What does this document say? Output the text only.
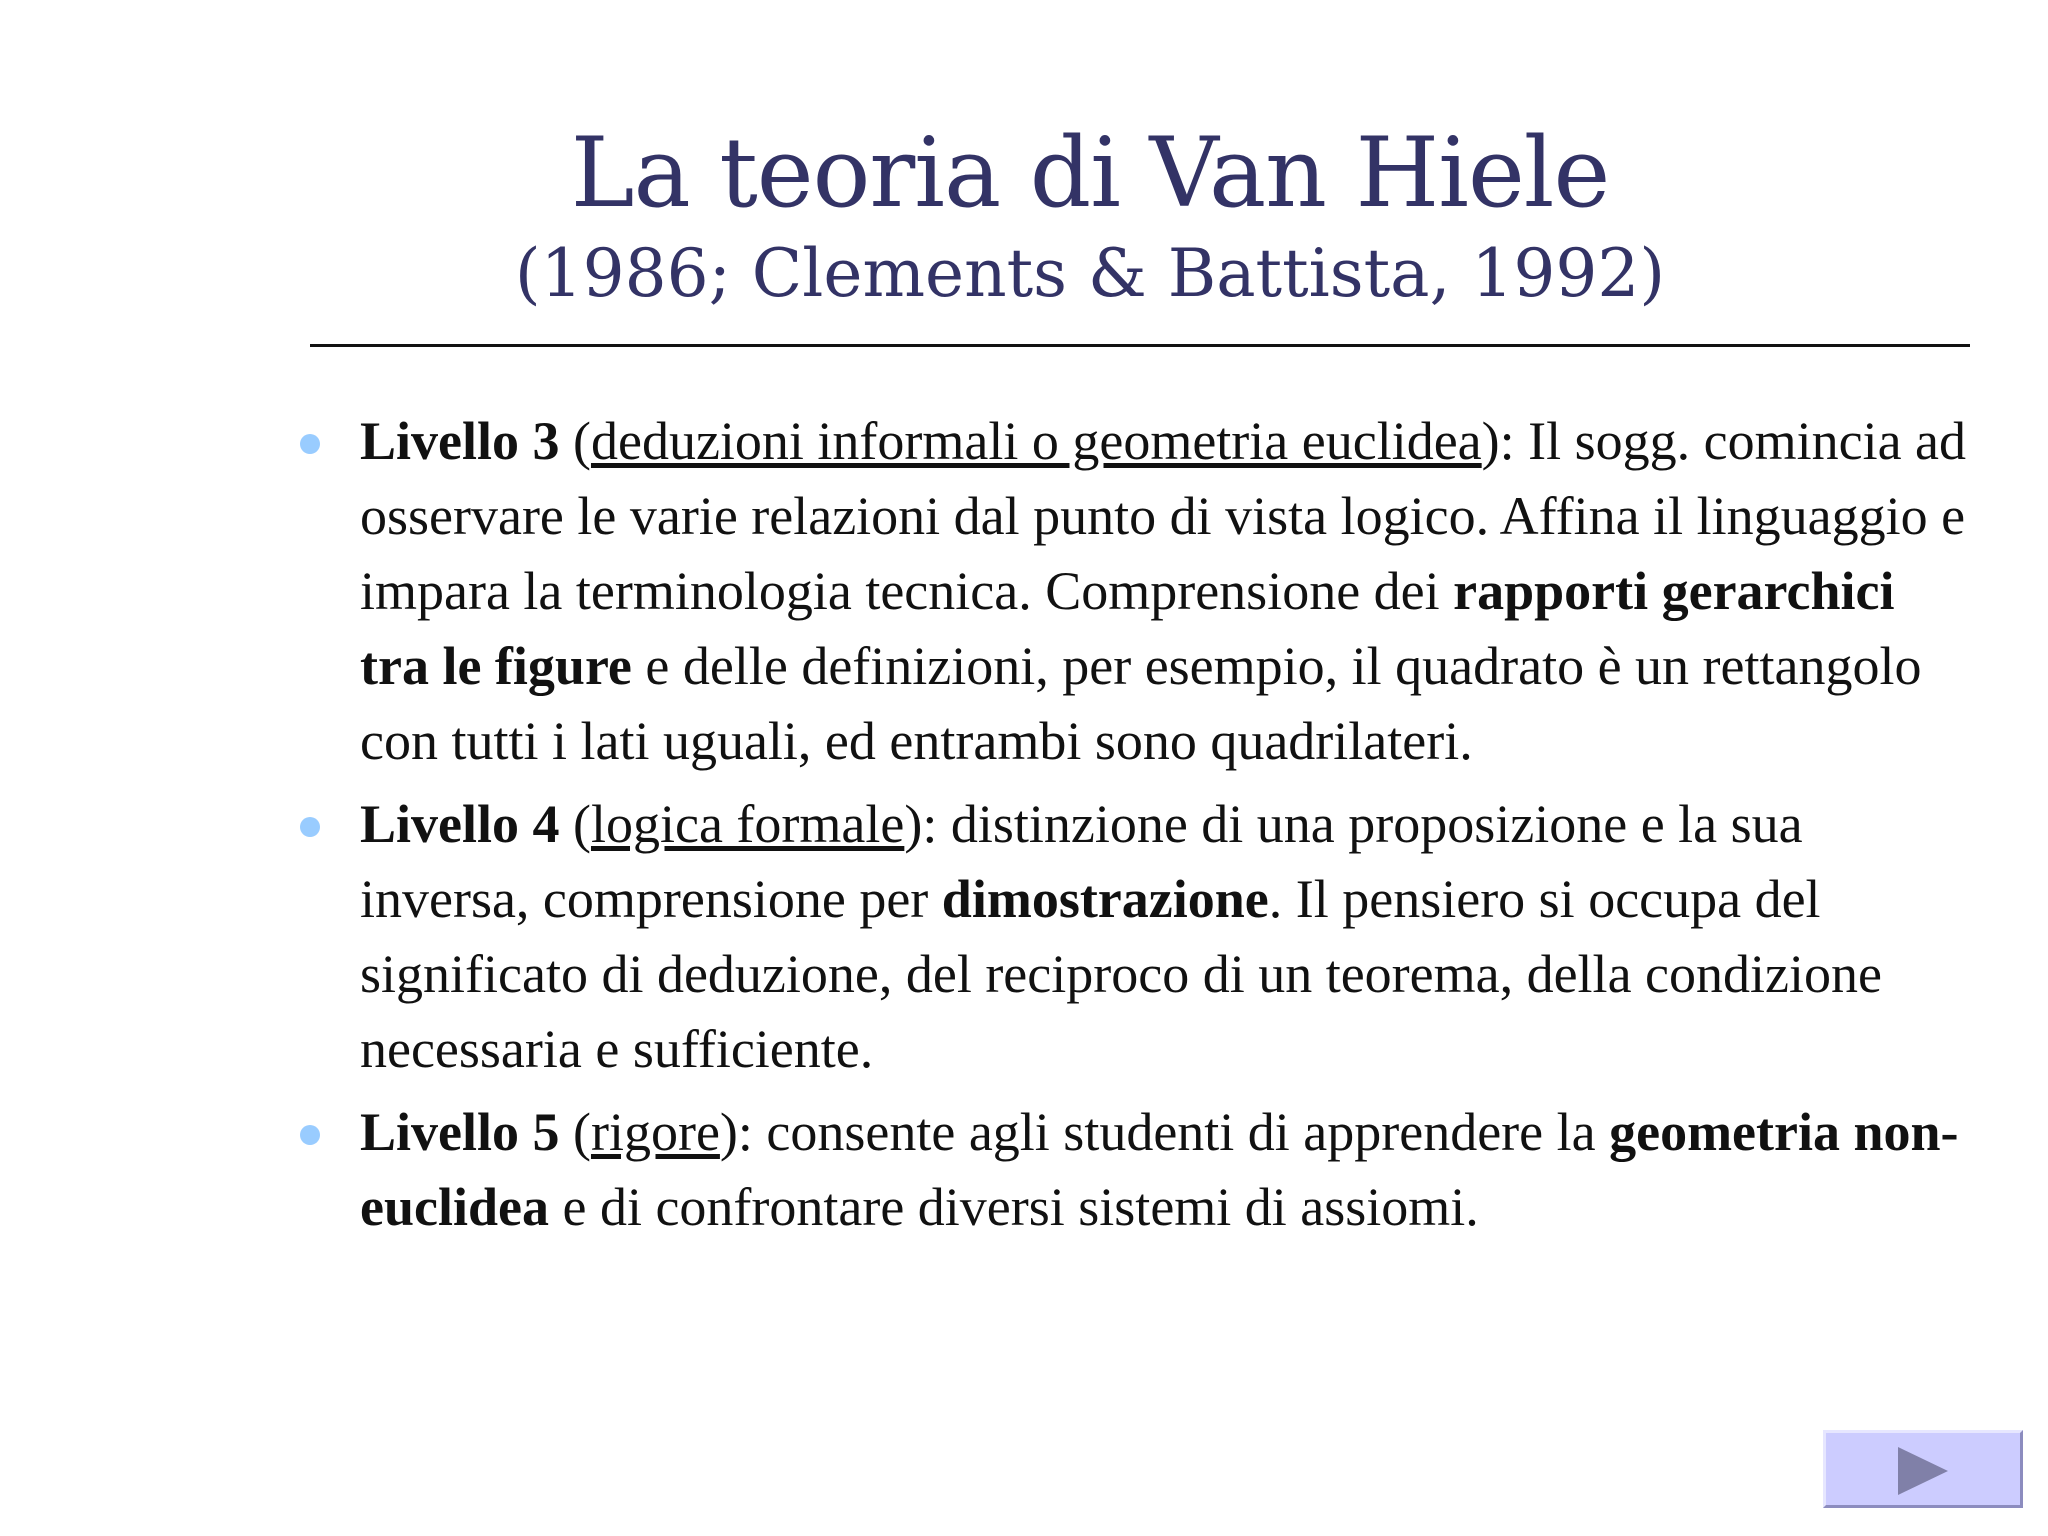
La teoria di Van Hiele
(1986; Clements & Battista, 1992)
Livello 3 (deduzioni informali o geometria euclidea): Il sogg. comincia ad osservare le varie relazioni dal punto di vista logico. Affina il linguaggio e impara la terminologia tecnica. Comprensione dei rapporti gerarchici tra le figure e delle definizioni, per esempio, il quadrato è un rettangolo con tutti i lati uguali, ed entrambi sono quadrilateri.
Livello 4 (logica formale): distinzione di una proposizione e la sua inversa, comprensione per dimostrazione. Il pensiero si occupa del significato di deduzione, del reciproco di un teorema, della condizione necessaria e sufficiente.
Livello 5 (rigore): consente agli studenti di apprendere la geometria non-euclidea e di confrontare diversi sistemi di assiomi.
